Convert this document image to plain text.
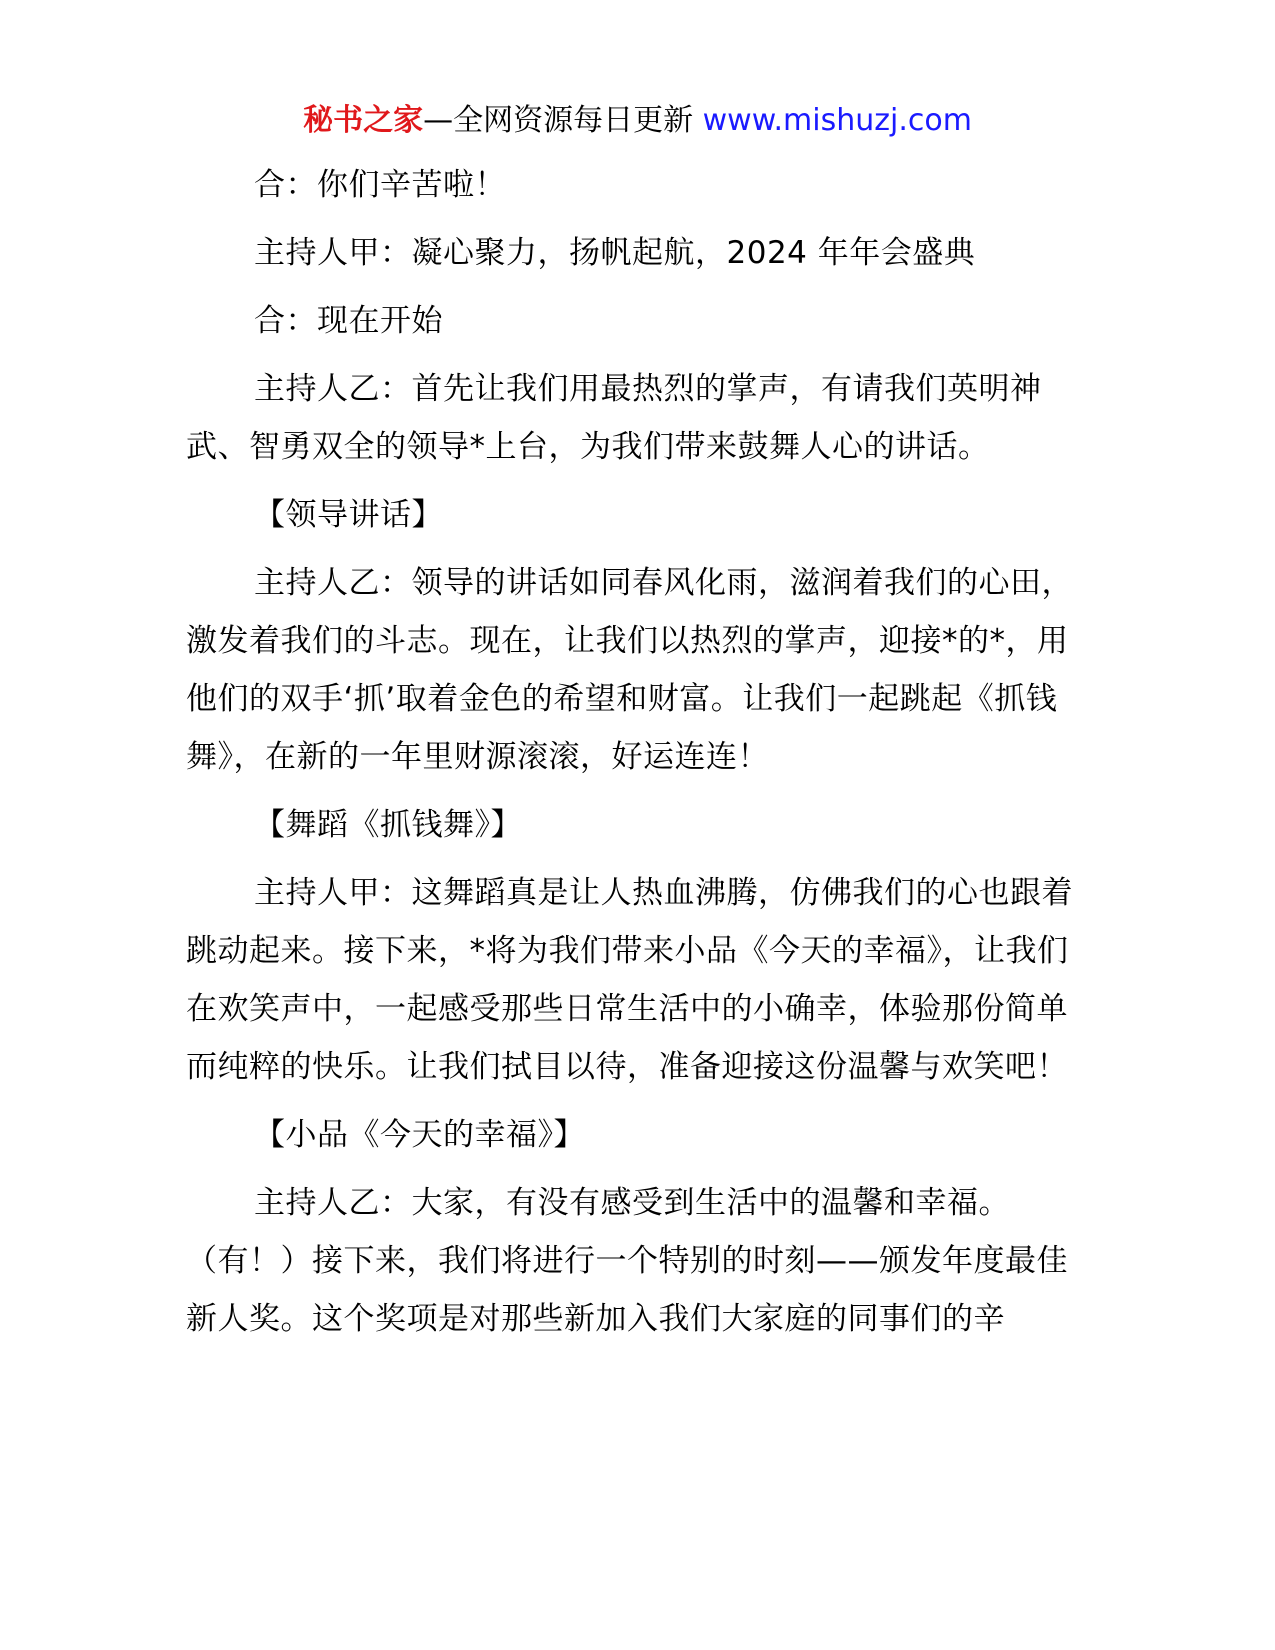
秘书之家—全网资源每日更新 www.mishuzj.com

合：你们辛苦啦！

主持人甲：凝心聚力，扬帆起航，2024 年年会盛典

合：现在开始

主持人乙：首先让我们用最热烈的掌声，有请我们英明神武、智勇双全的领导*上台，为我们带来鼓舞人心的讲话。

【领导讲话】

主持人乙：领导的讲话如同春风化雨，滋润着我们的心田，激发着我们的斗志。现在，让我们以热烈的掌声，迎接*的*，用他们的双手‘抓’取着金色的希望和财富。让我们一起跳起《抓钱舞》，在新的一年里财源滚滚，好运连连！

【舞蹈《抓钱舞》】

主持人甲：这舞蹈真是让人热血沸腾，仿佛我们的心也跟着跳动起来。接下来，*将为我们带来小品《今天的幸福》，让我们在欢笑声中，一起感受那些日常生活中的小确幸，体验那份简单而纯粹的快乐。让我们拭目以待，准备迎接这份温馨与欢笑吧！

【小品《今天的幸福》】

主持人乙：大家，有没有感受到生活中的温馨和幸福。（有！）接下来，我们将进行一个特别的时刻——颁发年度最佳新人奖。这个奖项是对那些新加入我们大家庭的同事们的辛
